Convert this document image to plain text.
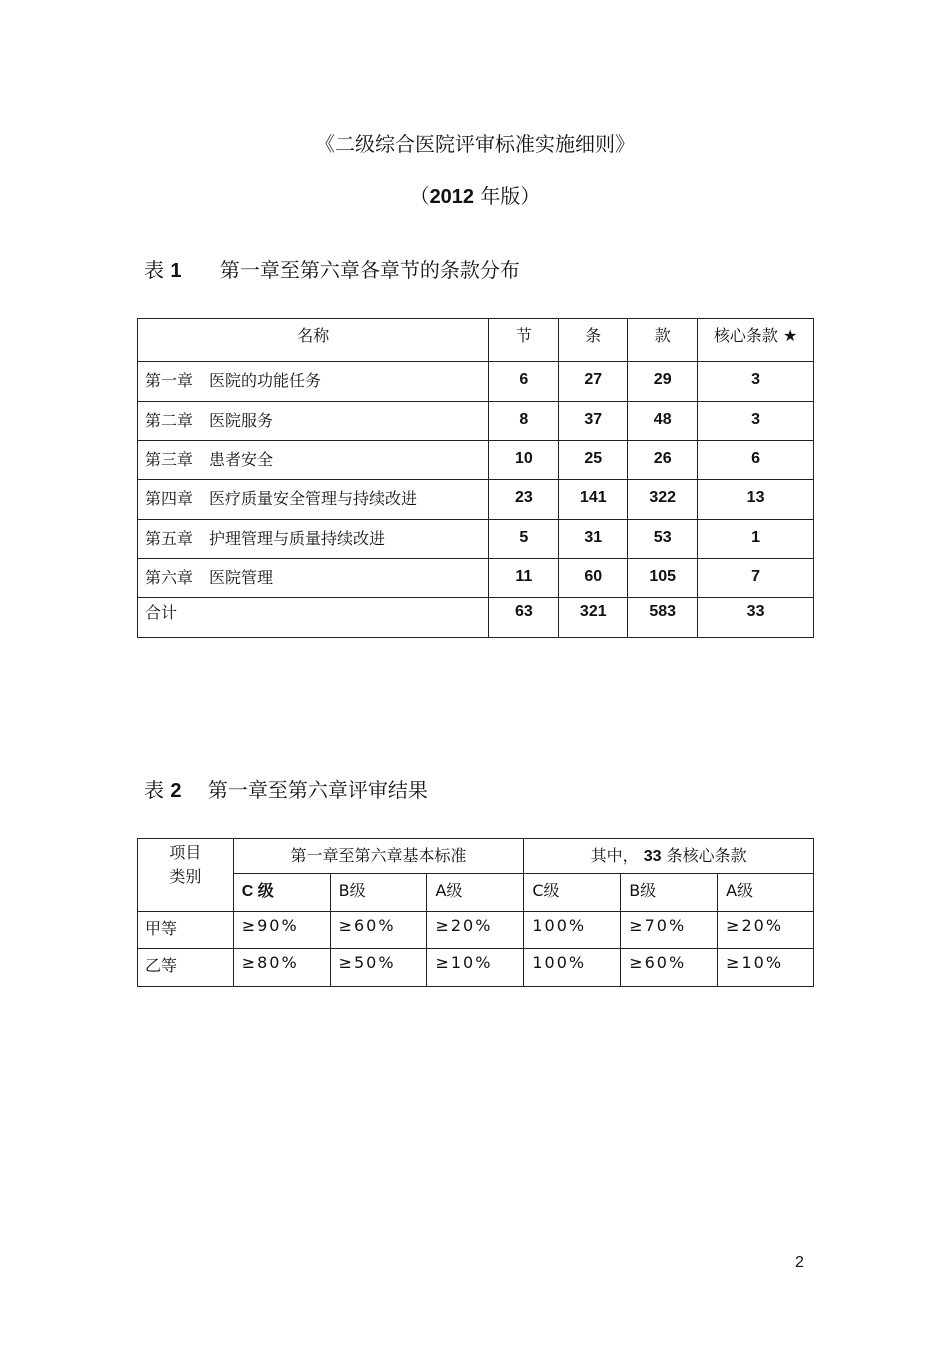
《二级综合医院评审标准实施细则》
（2012 年版）
表 1 第一章至第六章各章节的条款分布
名称	节	条	款	核心条款 ★
第一章　医院的功能任务	6	27	29	3
第二章　医院服务	8	37	48	3
第三章　患者安全	10	25	26	6
第四章　医疗质量安全管理与持续改进	23	141	322	13
第五章　护理管理与质量持续改进	5	31	53	1
第六章　医院管理	11	60	105	7
合计	63	321	583	33
表 2 第一章至第六章评审结果
项目
类别	第一章至第六章基本标准			其中， 33 条核心条款		
	C 级	B级	A级	C级	B级	A级
甲等	≥90%	≥60%	≥20%	100%	≥70%	≥20%
乙等	≥80%	≥50%	≥10%	100%	≥60%	≥10%
2
